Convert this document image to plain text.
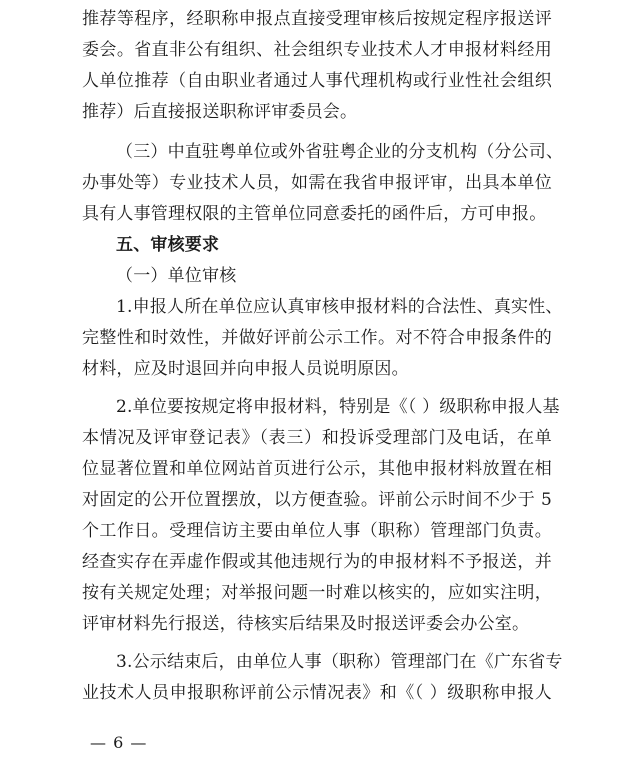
推荐等程序，经职称申报点直接受理审核后按规定程序报送评
委会。省直非公有组织、社会组织专业技术人才申报材料经用
人单位推荐（自由职业者通过人事代理机构或行业性社会组织
推荐）后直接报送职称评审委员会。
（三）中直驻粤单位或外省驻粤企业的分支机构（分公司、
办事处等）专业技术人员，如需在我省申报评审，出具本单位
具有人事管理权限的主管单位同意委托的函件后，方可申报。
五、审核要求
（一）单位审核
1.申报人所在单位应认真审核申报材料的合法性、真实性、
完整性和时效性，并做好评前公示工作。对不符合申报条件的
材料，应及时退回并向申报人员说明原因。
2.单位要按规定将申报材料，特别是《（ ）级职称申报人基
本情况及评审登记表》（表三）和投诉受理部门及电话，在单
位显著位置和单位网站首页进行公示，其他申报材料放置在相
对固定的公开位置摆放，以方便查验。评前公示时间不少于 5
个工作日。受理信访主要由单位人事（职称）管理部门负责。
经查实存在弄虚作假或其他违规行为的申报材料不予报送，并
按有关规定处理；对举报问题一时难以核实的，应如实注明，
评审材料先行报送，待核实后结果及时报送评委会办公室。
3.公示结束后，由单位人事（职称）管理部门在《广东省专
业技术人员申报职称评前公示情况表》和《（ ）级职称申报人
— 6 —
